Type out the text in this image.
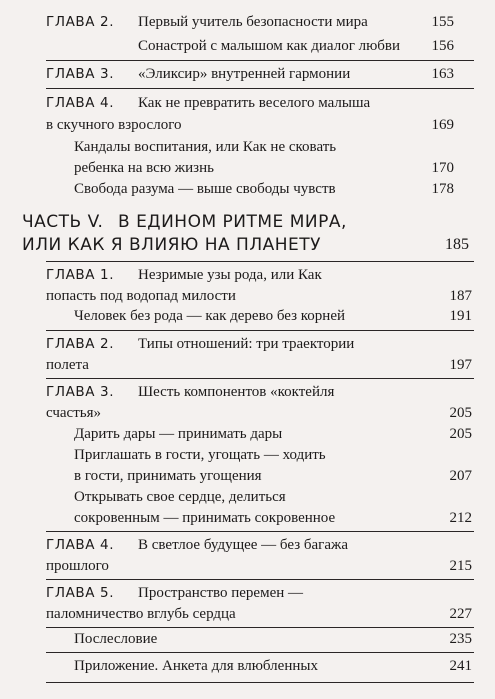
ГЛАВА 2. Первый учитель безопасности мира	155
Сонастрой с малышом как диалог любви	156
ГЛАВА 3. «Эликсир» внутренней гармонии	163
ГЛАВА 4. Как не превратить веселого малыша
в скучного взрослого	169
Кандалы воспитания, или Как не сковать
ребенка на всю жизнь	170
Свобода разума — выше свободы чувств	178
ЧАСТЬ V. В ЕДИНОМ РИТМЕ МИРА,
ИЛИ КАК Я ВЛИЯЮ НА ПЛАНЕТУ	185
ГЛАВА 1. Незримые узы рода, или Как
попасть под водопад милости	187
Человек без рода — как дерево без корней	191
ГЛАВА 2. Типы отношений: три траектории
полета	197
ГЛАВА 3. Шесть компонентов «коктейля
счастья»	205
Дарить дары — принимать дары	205
Приглашать в гости, угощать — ходить
в гости, принимать угощения	207
Открывать свое сердце, делиться
сокровенным — принимать сокровенное	212
ГЛАВА 4. В светлое будущее — без багажа
прошлого	215
ГЛАВА 5. Пространство перемен —
паломничество вглубь сердца	227
Послесловие	235
Приложение. Анкета для влюбленных	241
